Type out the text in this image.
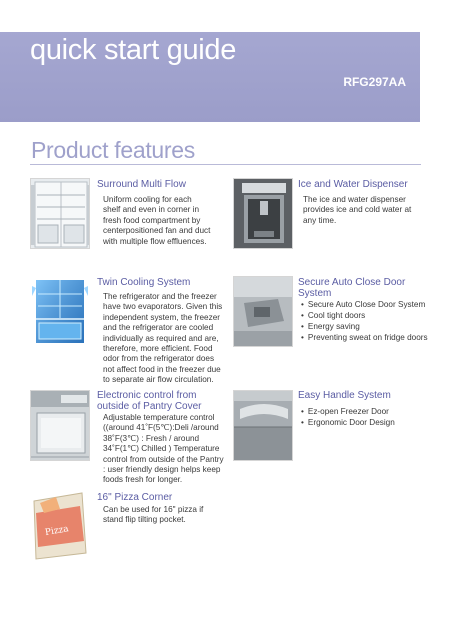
quick start guide
RFG297AA
Product features
Surround Multi Flow
Uniform cooling for each
shelf and even in corner in
fresh food compartment by
centerpositioned fan and duct
with multiple flow effluences.
Twin Cooling System
The refrigerator and the freezer
have two evaporators. Given this
independent system, the freezer
and the refrigerator are cooled
individually as required and are,
therefore, more efficient. Food
odor from the refrigerator does
not affect food in the freezer due
to separate air flow circulation.
Electronic control from
outside of Pantry Cover
Adjustable temperature control
((around 41˚F(5℃):Deli /around
38˚F(3℃) : Fresh / around
34˚F(1℃) Chilled ) Temperature
control from outside of the Pantry
: user friendly design helps keep
foods fresh for longer.
Pizza
16" Pizza Corner
Can be used for 16" pizza if
stand flip tilting pocket.
Ice and Water Dispenser
The ice and water dispenser
provides ice and cold water at
any time.
Secure Auto Close Door
System
• Secure Auto Close Door System
• Cool tight doors
• Energy saving
• Preventing sweat on fridge doors
Easy Handle System
• Ez-open Freezer Door
• Ergonomic Door Design
